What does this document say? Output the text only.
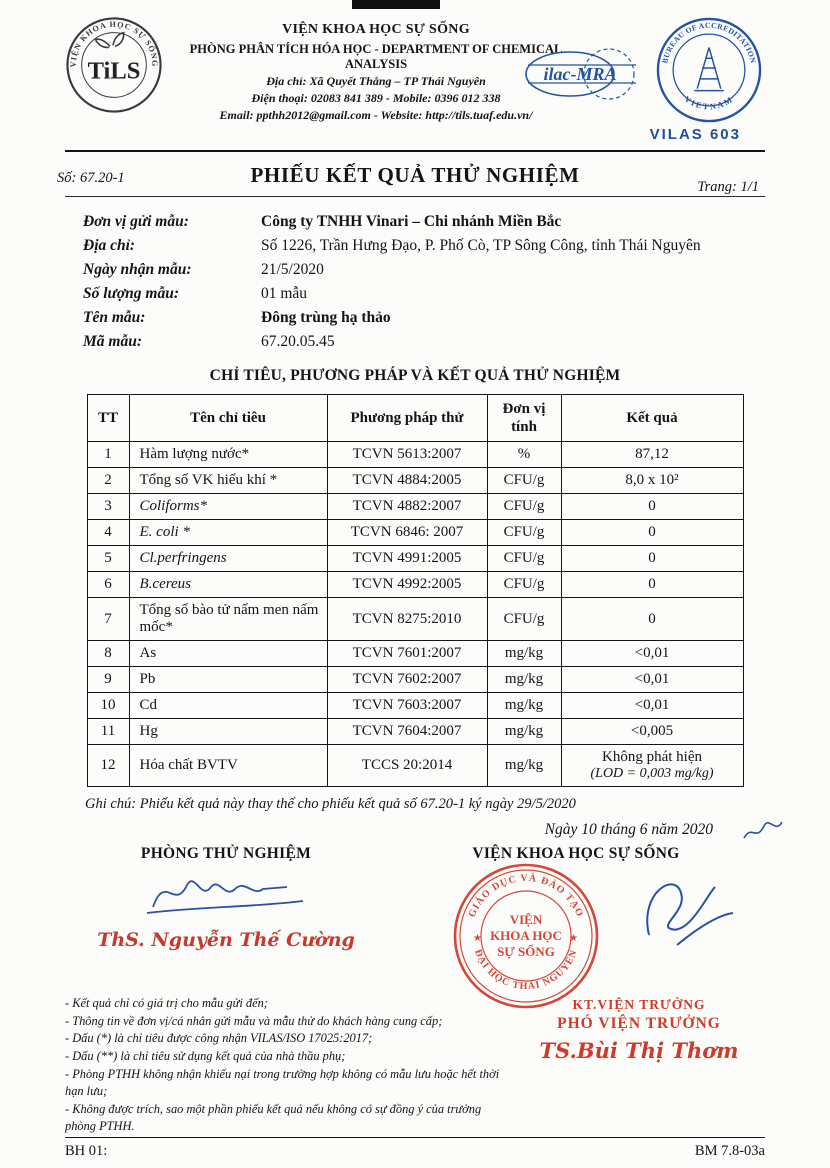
VIỆN KHOA HỌC SỰ SỐNG
TiLS
VIỆN KHOA HỌC SỰ SỐNG
PHÒNG PHÂN TÍCH HÓA HỌC - DEPARTMENT OF CHEMICAL ANALYSIS
Địa chỉ: Xã Quyết Thắng – TP Thái Nguyên
Điện thoại: 02083 841 389 - Mobile: 0396 012 338
Email: ppthh2012@gmail.com - Website: http://tils.tuaf.edu.vn/
ilac-MRA
BUREAU OF ACCREDITATION
VIETNAM
VILAS 603
Số: 67.20-1	PHIẾU KẾT QUẢ THỬ NGHIỆM	Trang: 1/1
Đơn vị gửi mẫu:	Công ty TNHH Vinari – Chi nhánh Miền Bắc
Địa chỉ:	Số 1226, Trần Hưng Đạo, P. Phố Cò, TP Sông Công, tỉnh Thái Nguyên
Ngày nhận mẫu:	21/5/2020
Số lượng mẫu:	01 mẫu
Tên mẫu:	Đông trùng hạ thảo
Mã mẫu:	67.20.05.45
CHỈ TIÊU, PHƯƠNG PHÁP VÀ KẾT QUẢ THỬ NGHIỆM
TT	Tên chỉ tiêu	Phương pháp thử	Đơn vị tính	Kết quả
1	Hàm lượng nước*	TCVN 5613:2007	%	87,12
2	Tổng số VK hiếu khí *	TCVN 4884:2005	CFU/g	8,0 x 10²
3	Coliforms*	TCVN 4882:2007	CFU/g	0
4	E. coli *	TCVN 6846: 2007	CFU/g	0
5	Cl.perfringens	TCVN 4991:2005	CFU/g	0
6	B.cereus	TCVN 4992:2005	CFU/g	0
7	Tổng số bào tử nấm men nấm mốc*	TCVN 8275:2010	CFU/g	0
8	As	TCVN 7601:2007	mg/kg	<0,01
9	Pb	TCVN 7602:2007	mg/kg	<0,01
10	Cd	TCVN 7603:2007	mg/kg	<0,01
11	Hg	TCVN 7604:2007	mg/kg	<0,005
12	Hóa chất BVTV	TCCS 20:2014	mg/kg	Không phát hiện
(LOD = 0,003 mg/kg)
Ghi chú: Phiếu kết quả này thay thế cho phiếu kết quả số 67.20-1 ký ngày 29/5/2020
Ngày 10 tháng 6 năm 2020
PHÒNG THỬ NGHIỆM
ThS. Nguyễn Thế Cường
VIỆN KHOA HỌC SỰ SỐNG
GIÁO DỤC VÀ ĐÀO TẠO
ĐẠI HỌC THÁI NGUYÊN
VIỆN
KHOA HỌC
SỰ SỐNG
★	★
- Kết quả chỉ có giá trị cho mẫu gửi đến;
- Thông tin về đơn vị/cá nhân gửi mẫu và mẫu thử do khách hàng cung cấp;
- Dấu (*) là chỉ tiêu được công nhận VILAS/ISO 17025:2017;
- Dấu (**) là chỉ tiêu sử dụng kết quả của nhà thầu phụ;
- Phòng PTHH không nhận khiếu nại trong trường hợp không có mẫu lưu hoặc hết thời hạn lưu;
- Không được trích, sao một phần phiếu kết quả nếu không có sự đồng ý của trưởng phòng PTHH.
KT.VIỆN TRƯỞNG
PHÓ VIỆN TRƯỞNG
TS.Bùi Thị Thơm
BH 01:	BM 7.8-03a
